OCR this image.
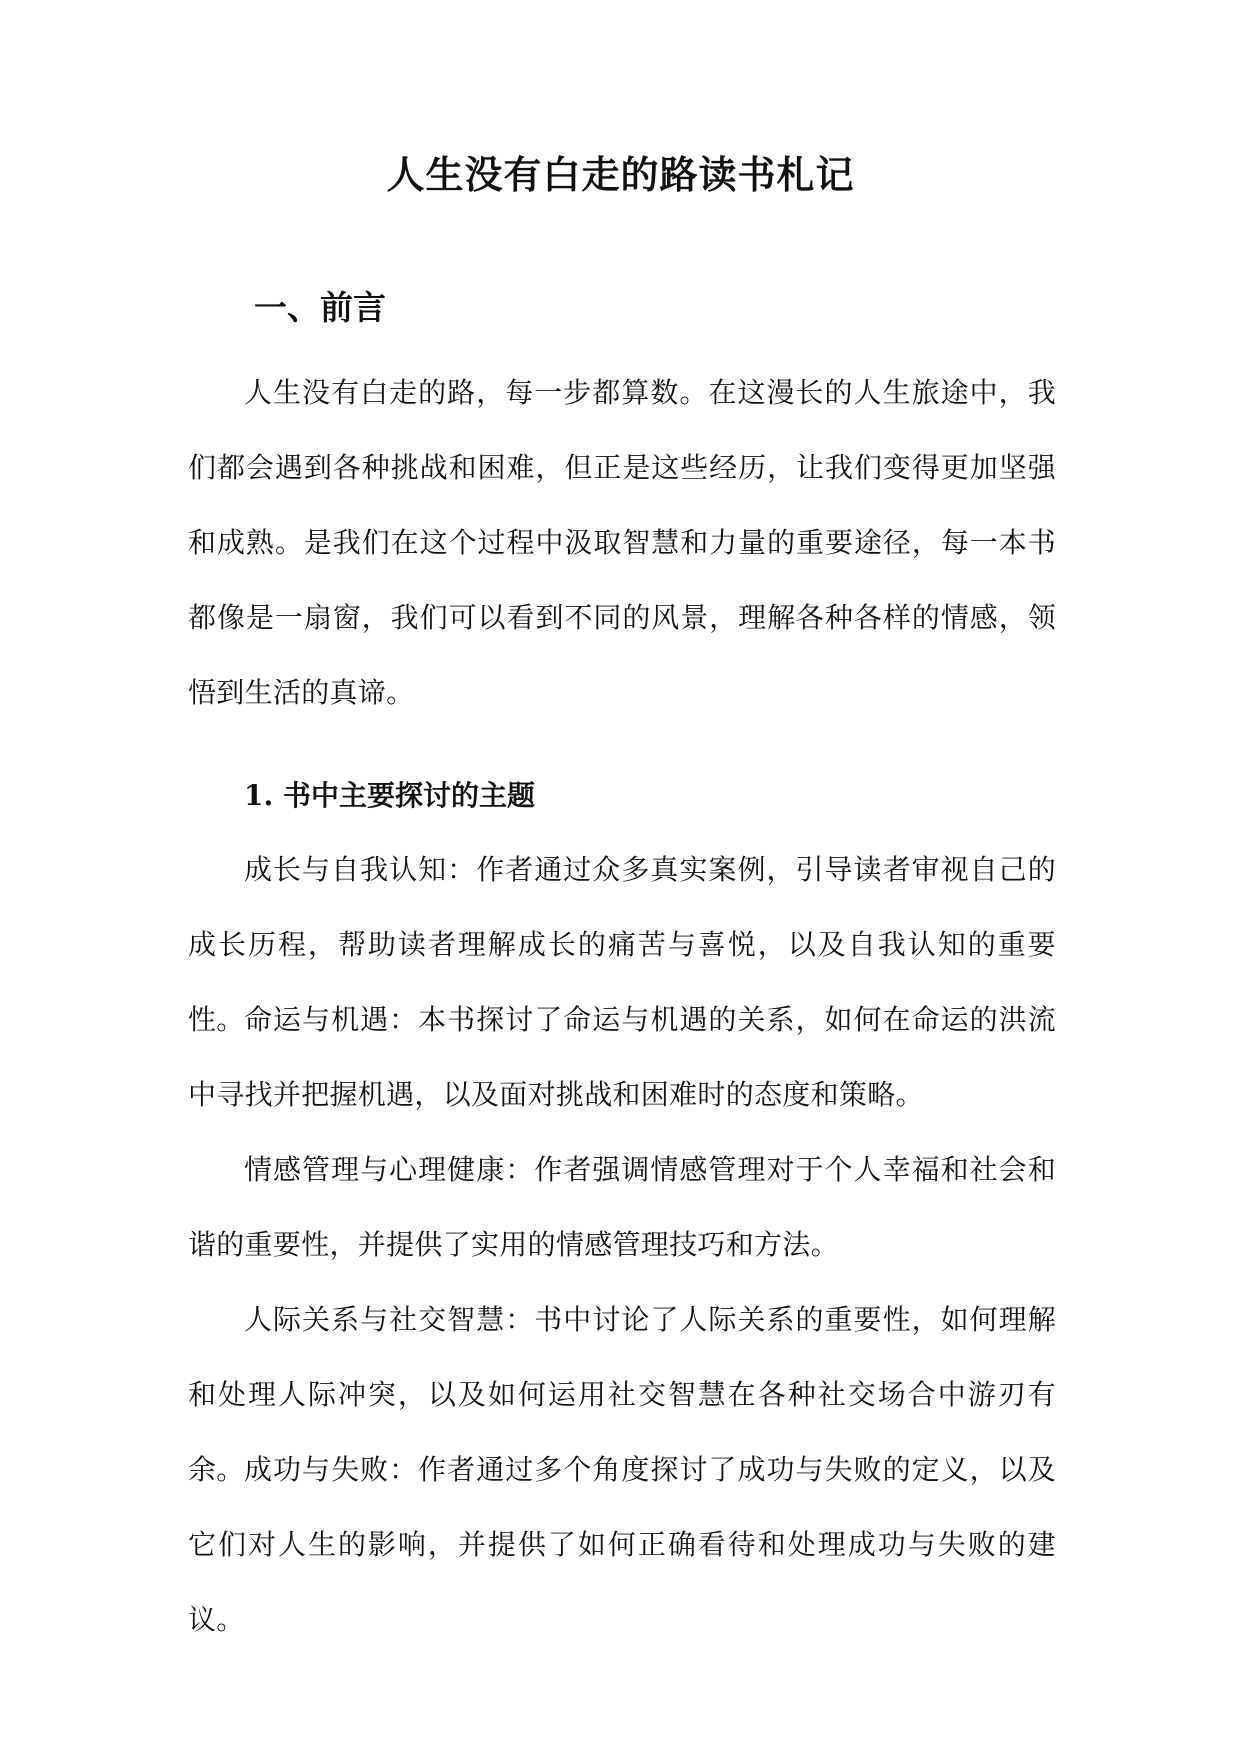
人生没有白走的路读书札记
一、前言

人生没有白走的路，每一步都算数。在这漫长的人生旅途中，我们都会遇到各种挑战和困难，但正是这些经历，让我们变得更加坚强和成熟。是我们在这个过程中汲取智慧和力量的重要途径，每一本书都像是一扇窗，我们可以看到不同的风景，理解各种各样的情感，领悟到生活的真谛。

1. 书中主要探讨的主题

成长与自我认知：作者通过众多真实案例，引导读者审视自己的成长历程，帮助读者理解成长的痛苦与喜悦，以及自我认知的重要性。 命运与机遇：本书探讨了命运与机遇的关系，如何在命运的洪流中寻找并把握机遇，以及面对挑战和困难时的态度和策略。

情感管理与心理健康：作者强调情感管理对于个人幸福和社会和谐的重要性，并提供了实用的情感管理技巧和方法。

人际关系与社交智慧：书中讨论了人际关系的重要性，如何理解和处理人际冲突，以及如何运用社交智慧在各种社交场合中游刃有余。 成功与失败：作者通过多个角度探讨了成功与失败的定义，以及它们对人生的影响，并提供了如何正确看待和处理成功与失败的建议。
